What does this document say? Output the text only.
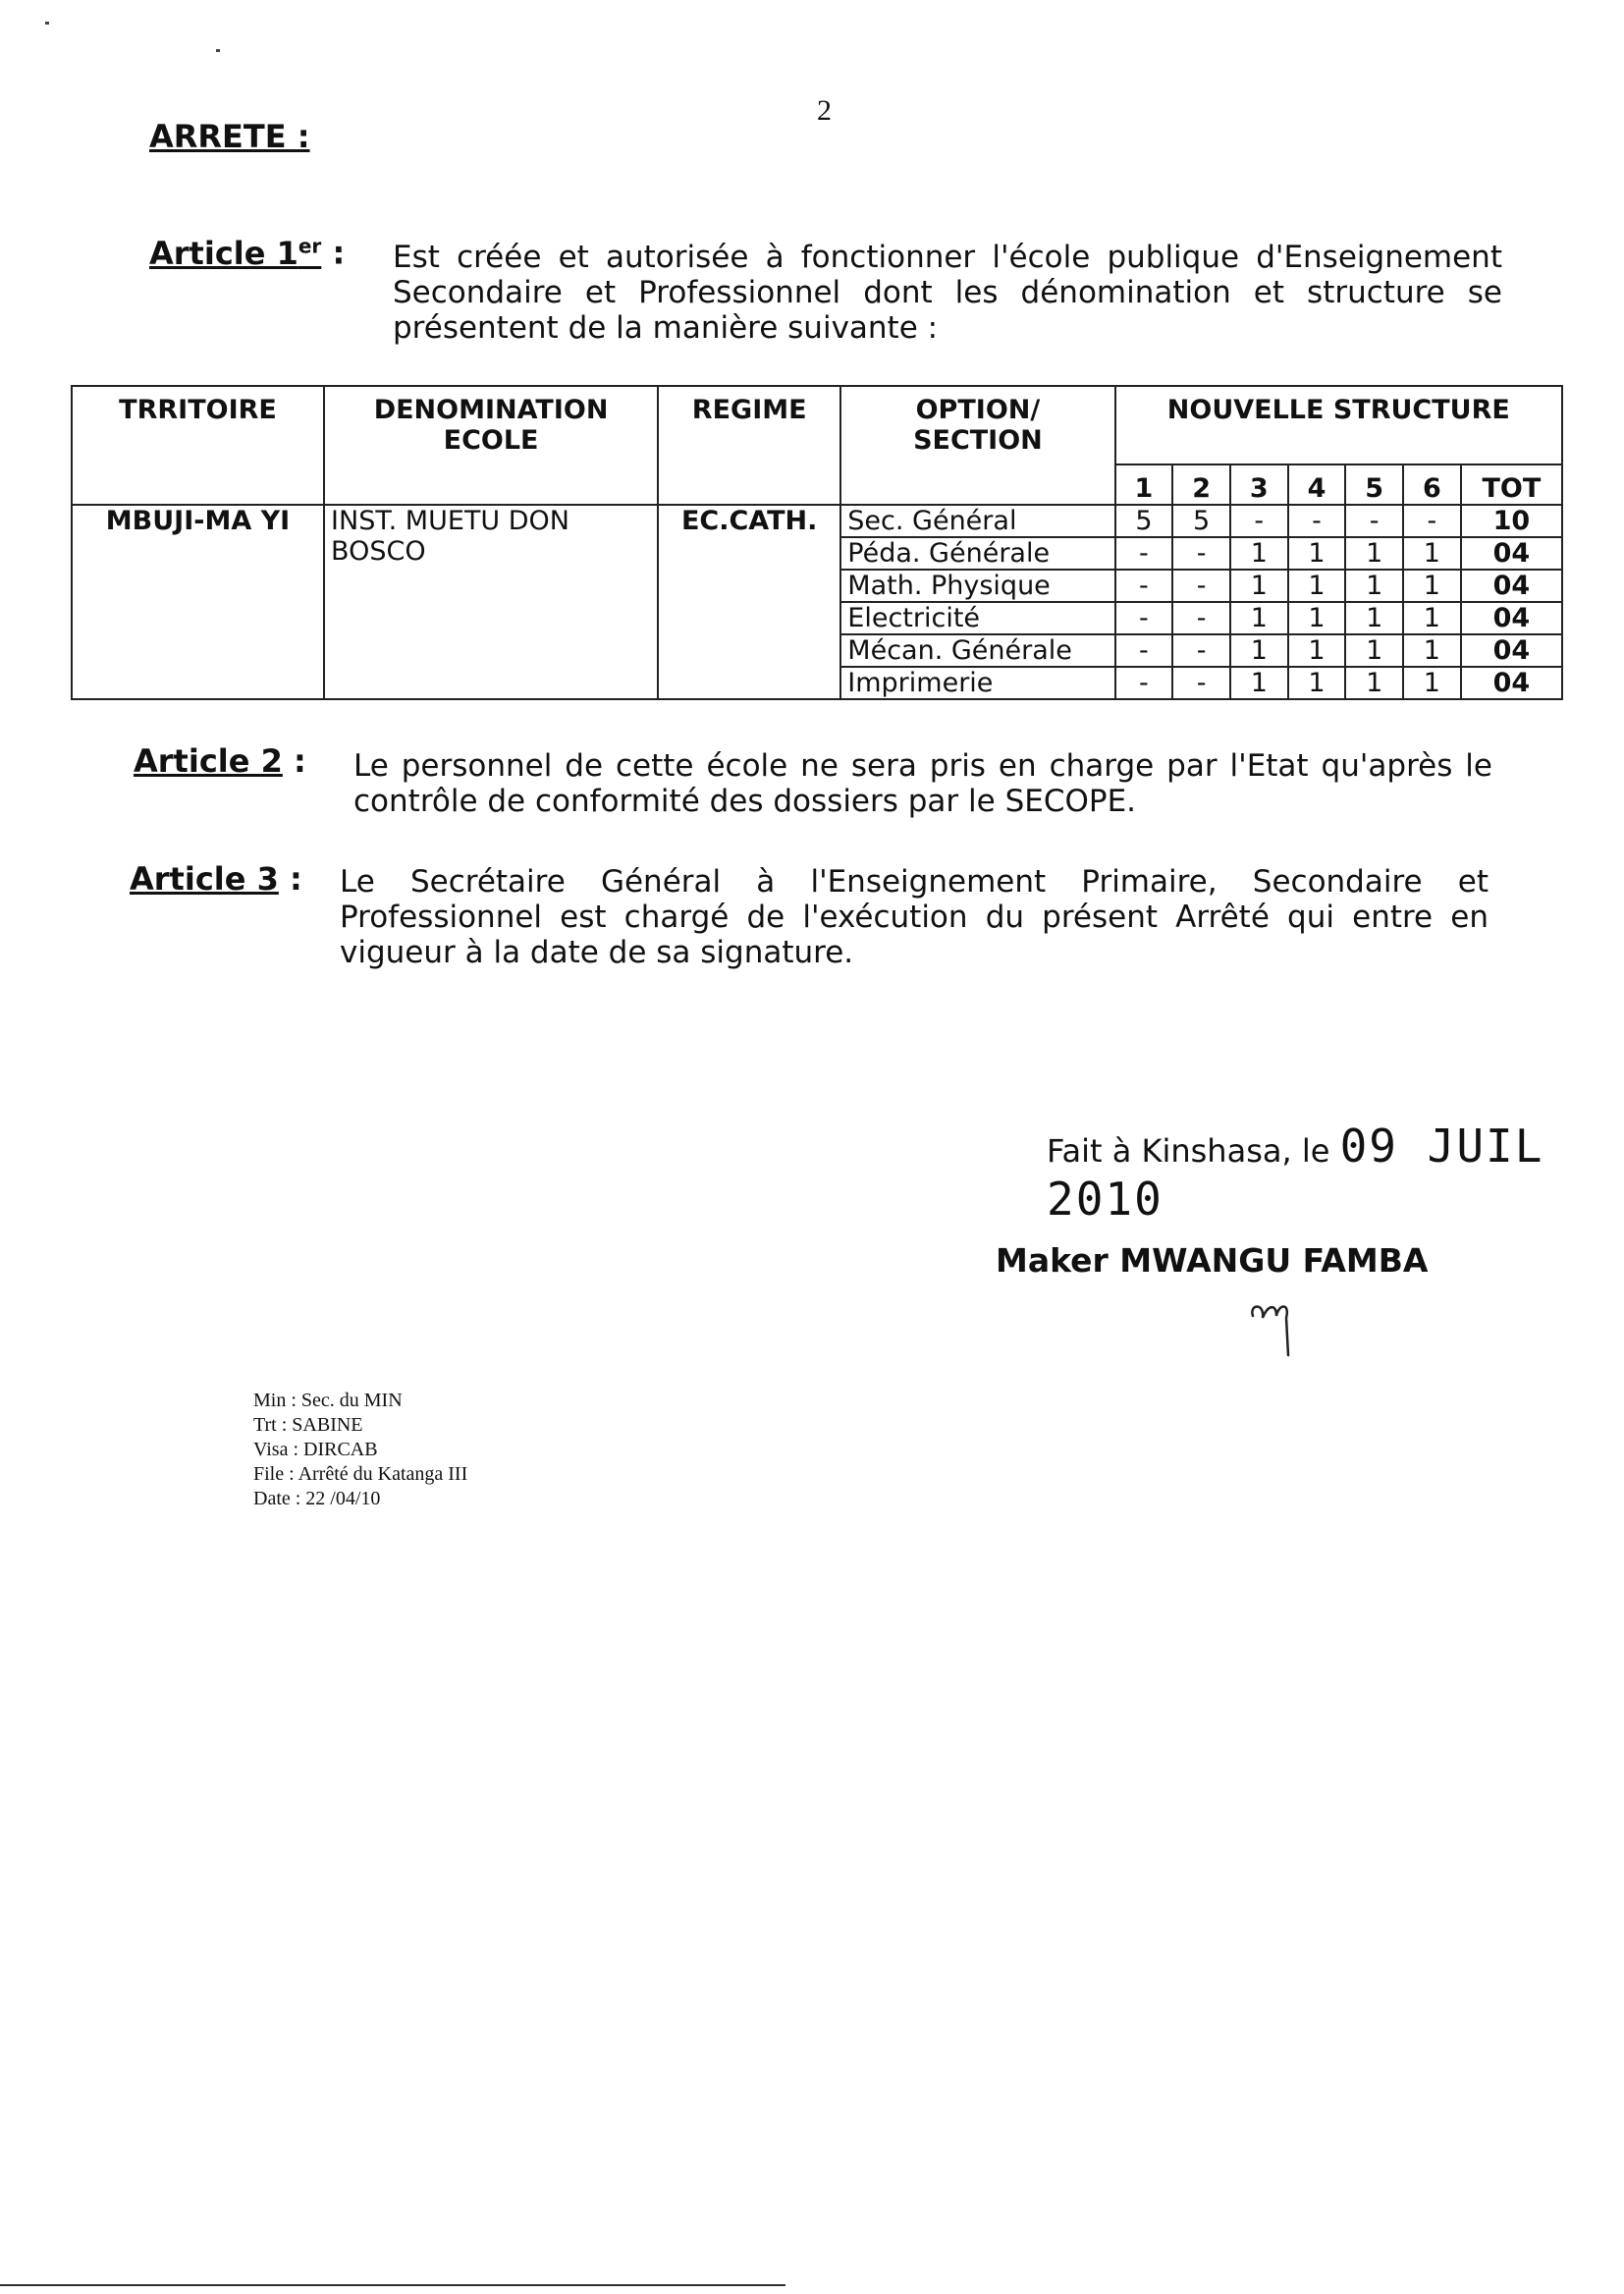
2
ARRETE :
Article 1er : Est créée et autorisée à fonctionner l'école publique d'Enseignement Secondaire et Professionnel dont les dénomination et structure se présentent de la manière suivante :
TRRITOIRE	DENOMINATION ECOLE	REGIME	OPTION/ SECTION	NOUVELLE STRUCTURE						
				1	2	3	4	5	6	TOT
MBUJI-MA YI	INST. MUETU DON BOSCO	EC.CATH.	Sec. Général	5	5	-	-	-	-	10
			Péda. Générale	-	-	1	1	1	1	04
			Math. Physique	-	-	1	1	1	1	04
			Electricité	-	-	1	1	1	1	04
			Mécan. Générale	-	-	1	1	1	1	04
			Imprimerie	-	-	1	1	1	1	04
Article 2 : Le personnel de cette école ne sera pris en charge par l'Etat qu'après le contrôle de conformité des dossiers par le SECOPE.
Article 3 : Le Secrétaire Général à l'Enseignement Primaire, Secondaire et Professionnel est chargé de l'exécution du présent Arrêté qui entre en vigueur à la date de sa signature.
Fait à Kinshasa, le 09 JUIL 2010
Maker MWANGU FAMBA
Min : Sec. du MIN
Trt : SABINE
Visa : DIRCAB
File : Arrêté du Katanga III
Date : 22 /04/10
